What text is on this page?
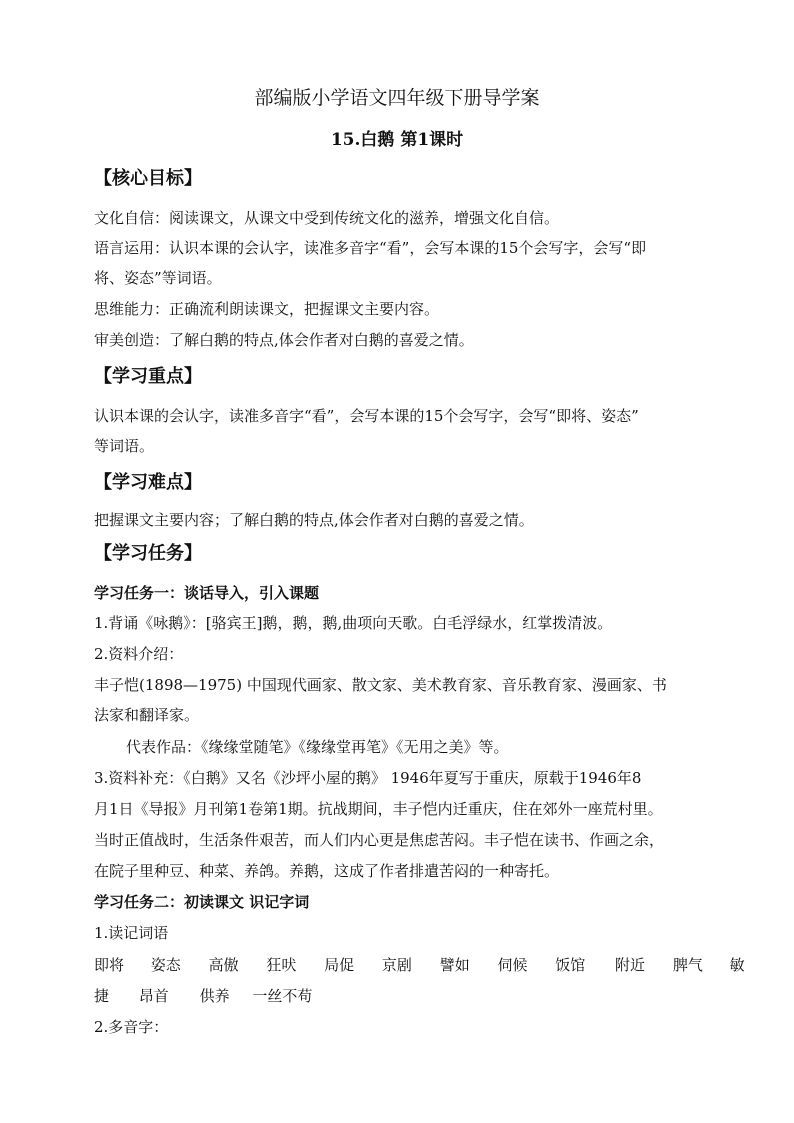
部编版小学语文四年级下册导学案
15.白鹅 第1课时
【核心目标】
文化自信：阅读课文，从课文中受到传统文化的滋养，增强文化自信。
语言运用：认识本课的会认字，读准多音字“看”，会写本课的15个会写字，会写“即
将、姿态”等词语。
思维能力：正确流利朗读课文，把握课文主要内容。
审美创造：了解白鹅的特点,体会作者对白鹅的喜爱之情。
【学习重点】
认识本课的会认字，读准多音字“看”，会写本课的15个会写字，会写“即将、姿态”
等词语。
【学习难点】
把握课文主要内容；了解白鹅的特点,体会作者对白鹅的喜爱之情。
【学习任务】
学习任务一：谈话导入，引入课题
1.背诵《咏鹅》：[骆宾王]鹅，鹅，鹅,曲项向天歌。白毛浮绿水，红掌拨清波。
2.资料介绍：
丰子恺(1898—1975) 中国现代画家、散文家、美术教育家、音乐教育家、漫画家、书
法家和翻译家。
代表作品：《缘缘堂随笔》《缘缘堂再笔》《无用之美》等。
3.资料补充：《白鹅》又名《沙坪小屋的鹅》 1946年夏写于重庆，原载于1946年8
月1日《导报》月刊第1卷第1期。抗战期间，丰子恺内迁重庆，住在郊外一座荒村里。
当时正值战时，生活条件艰苦，而人们内心更是焦虑苦闷。丰子恺在读书、作画之余，
在院子里种豆、种菜、养鸽。养鹅，这成了作者排遣苦闷的一种寄托。
学习任务二：初读课文 识记字词
1.读记词语
即将 姿态 高傲 狂吠 局促 京剧 譬如 伺候 饭馆 附近 脾气 敏
捷 昂首 供养 一丝不苟
2.多音字：
